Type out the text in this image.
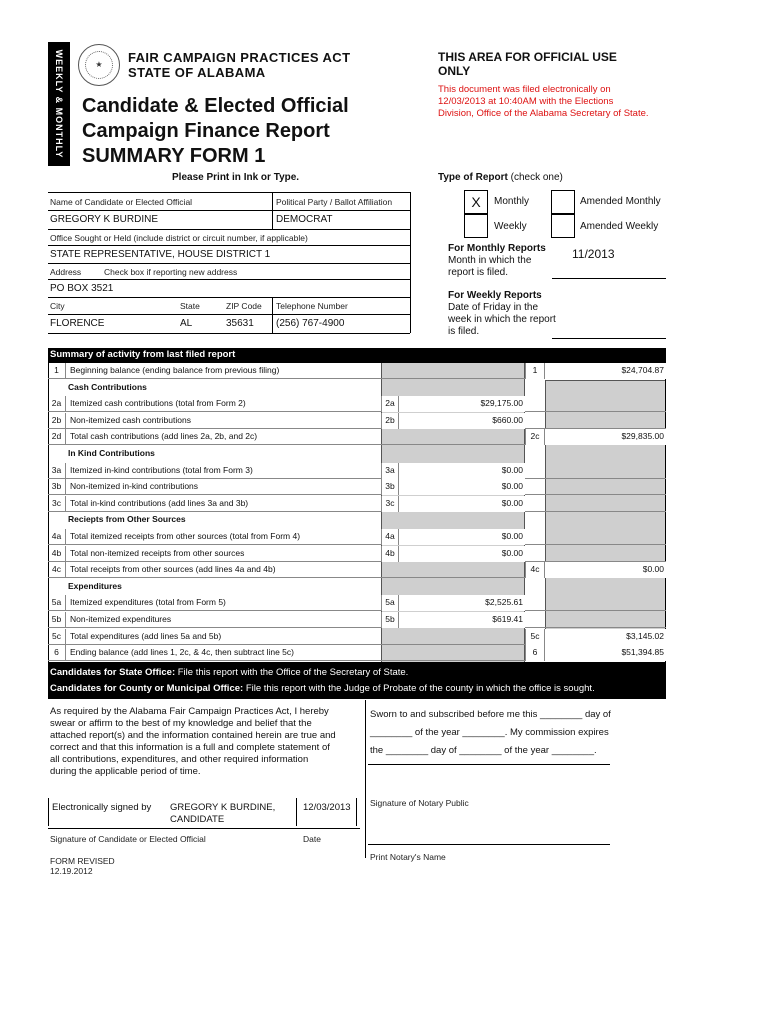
WEEKLY & MONTHLY	★	FAIR CAMPAIGN PRACTICES ACT
STATE OF ALABAMA
Candidate & Elected Official
Campaign Finance Report
SUMMARY FORM 1
THIS AREA FOR OFFICIAL USE
ONLY
This document was filed electronically on
12/03/2013 at 10:40AM with the Elections
Division, Office of the Alabama Secretary of State.
Please Print in Ink or Type.
Name of Candidate or Elected Official	Political Party / Ballot Affiliation
GREGORY K BURDINE	DEMOCRAT
Office Sought or Held (include district or circuit number, if applicable)
STATE REPRESENTATIVE, HOUSE DISTRICT 1
Address	Check box if reporting new address
PO BOX 3521
City	State	ZIP Code Telephone Number
FLORENCE	AL	35631 (256) 767-4900
Type of Report (check one)
X	Monthly	Amended Monthly
Weekly	Amended Weekly
For Monthly Reports
Month in which the
report is filed.
11/2013
For Weekly Reports
Date of Friday in the
week in which the report
is filed.
Summary of activity from last filed report
1	Beginning balance (ending balance from previous filing)	1	$24,704.87
Cash Contributions
2a	Itemized cash contributions (total from Form 2)	2a	$29,175.00
2b	Non-itemized cash contributions	2b	$660.00
2d	Total cash contributions (add lines 2a, 2b, and 2c)	2c	$29,835.00
In Kind Contributions
3a	Itemized in-kind contributions (total from Form 3)	3a	$0.00
3b	Non-itemized in-kind contributions	3b	$0.00
3c	Total in-kind contributions (add lines 3a and 3b)	3c	$0.00
Reciepts from Other Sources
4a	Total itemized receipts from other sources (total from Form 4)	4a	$0.00
4b	Total non-itemized receipts from other sources	4b	$0.00
4c	Total receipts from other sources (add lines 4a and 4b)	4c	$0.00
Expenditures
5a	Itemized expenditures (total from Form 5)	5a	$2,525.61
5b	Non-itemized expenditures	5b	$619.41
5c	Total expenditures (add lines 5a and 5b)	5c	$3,145.02
6	Ending balance (add lines 1, 2c, & 4c, then subtract line 5c)	6	$51,394.85
Candidates for State Office: File this report with the Office of the Secretary of State.
Candidates for County or Municipal Office: File this report with the Judge of Probate of the county in which the office is sought.
As required by the Alabama Fair Campaign Practices Act, I hereby
swear or affirm to the best of my knowledge and belief that the
attached report(s) and the information contained herein are true and
correct and that this information is a full and complete statement of
all contributions, expenditures, and other required information
during the applicable period of time.
Sworn to and subscribed before me this ________ day of
________ of the year ________. My commission expires
the ________ day of ________ of the year ________.
Electronically signed by GREGORY K BURDINE,
CANDIDATE
12/03/2013
Signature of Candidate or Elected Official	Date
Signature of Notary Public
Print Notary's Name
FORM REVISED
12.19.2012
